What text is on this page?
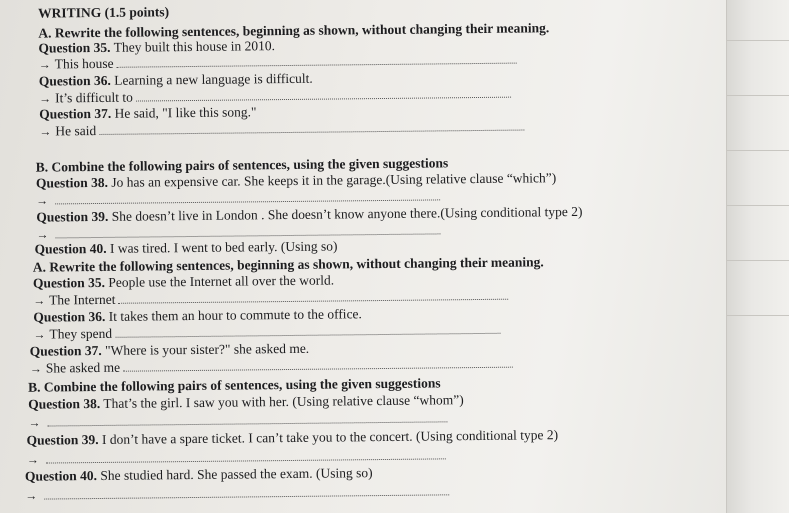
WRITING (1.5 points)
A. Rewrite the following sentences, beginning as shown, without changing their meaning.
Question 35. They built this house in 2010.
→ This house
Question 36. Learning a new language is difficult.
→ It’s difficult to
Question 37. He said, "I like this song."
→ He said
B. Combine the following pairs of sentences, using the given suggestions
Question 38. Jo has an expensive car. She keeps it in the garage.(Using relative clause “which”)
→
Question 39. She doesn’t live in London . She doesn’t know anyone there.(Using conditional type 2)
→
Question 40. I was tired. I went to bed early. (Using so)
A. Rewrite the following sentences, beginning as shown, without changing their meaning.
Question 35. People use the Internet all over the world.
→ The Internet
Question 36. It takes them an hour to commute to the office.
→ They spend
Question 37. "Where is your sister?" she asked me.
→ She asked me
B. Combine the following pairs of sentences, using the given suggestions
Question 38. That’s the girl. I saw you with her. (Using relative clause “whom”)
→
Question 39. I don’t have a spare ticket. I can’t take you to the concert. (Using conditional type 2)
→
Question 40. She studied hard. She passed the exam. (Using so)
→
